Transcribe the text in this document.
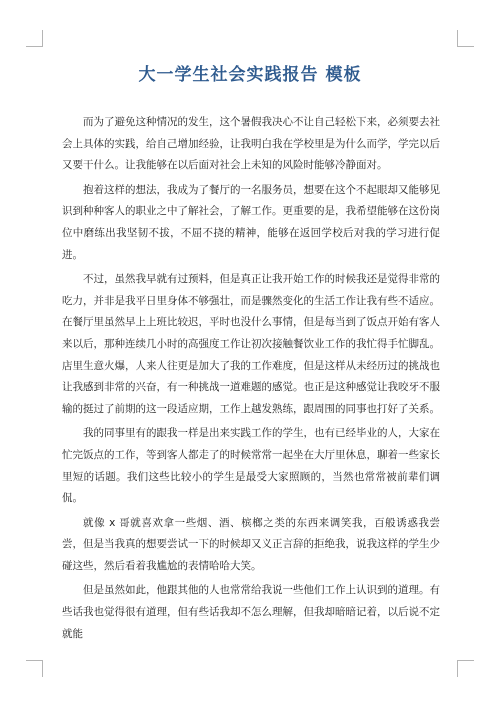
大一学生社会实践报告 模板

而为了避免这种情况的发生，这个暑假我决心不让自己轻松下来，必须要去社会上具体的实践，给自己增加经验，让我明白我在学校里是为什么而学，学完以后又要干什么。让我能够在以后面对社会上未知的风险时能够冷静面对。

抱着这样的想法，我成为了餐厅的一名服务员，想要在这个不起眼却又能够见识到种种客人的职业之中了解社会，了解工作。更重要的是，我希望能够在这份岗位中磨练出我坚韧不拔，不屈不挠的精神，能够在返回学校后对我的学习进行促进。

不过，虽然我早就有过预料，但是真正让我开始工作的时候我还是觉得非常的吃力，并非是我平日里身体不够强壮，而是骤然变化的生活工作让我有些不适应。在餐厅里虽然早上上班比较迟，平时也没什么事情，但是每当到了饭点开始有客人来以后，那种连续几小时的高强度工作让初次接触餐饮业工作的我忙得手忙脚乱。店里生意火爆，人来人往更是加大了我的工作难度，但是这样从未经历过的挑战也让我感到非常的兴奋，有一种挑战一道难题的感觉。也正是这种感觉让我咬牙不服输的挺过了前期的这一段适应期，工作上越发熟练，跟周围的同事也打好了关系。

我的同事里有的跟我一样是出来实践工作的学生，也有已经毕业的人，大家在忙完饭点的工作，等到客人都走了的时候常常一起坐在大厅里休息，聊着一些家长里短的话题。我们这些比较小的学生是最受大家照顾的，当然也常常被前辈们调侃。

就像 x 哥就喜欢拿一些烟、酒、槟榔之类的东西来调笑我，百般诱惑我尝尝，但是当我真的想要尝试一下的时候却又义正言辞的拒绝我，说我这样的学生少碰这些，然后看着我尴尬的表情哈哈大笑。

但是虽然如此，他跟其他的人也常常给我说一些他们工作上认识到的道理。有些话我也觉得很有道理，但有些话我却不怎么理解，但我却暗暗记着，以后说不定就能
